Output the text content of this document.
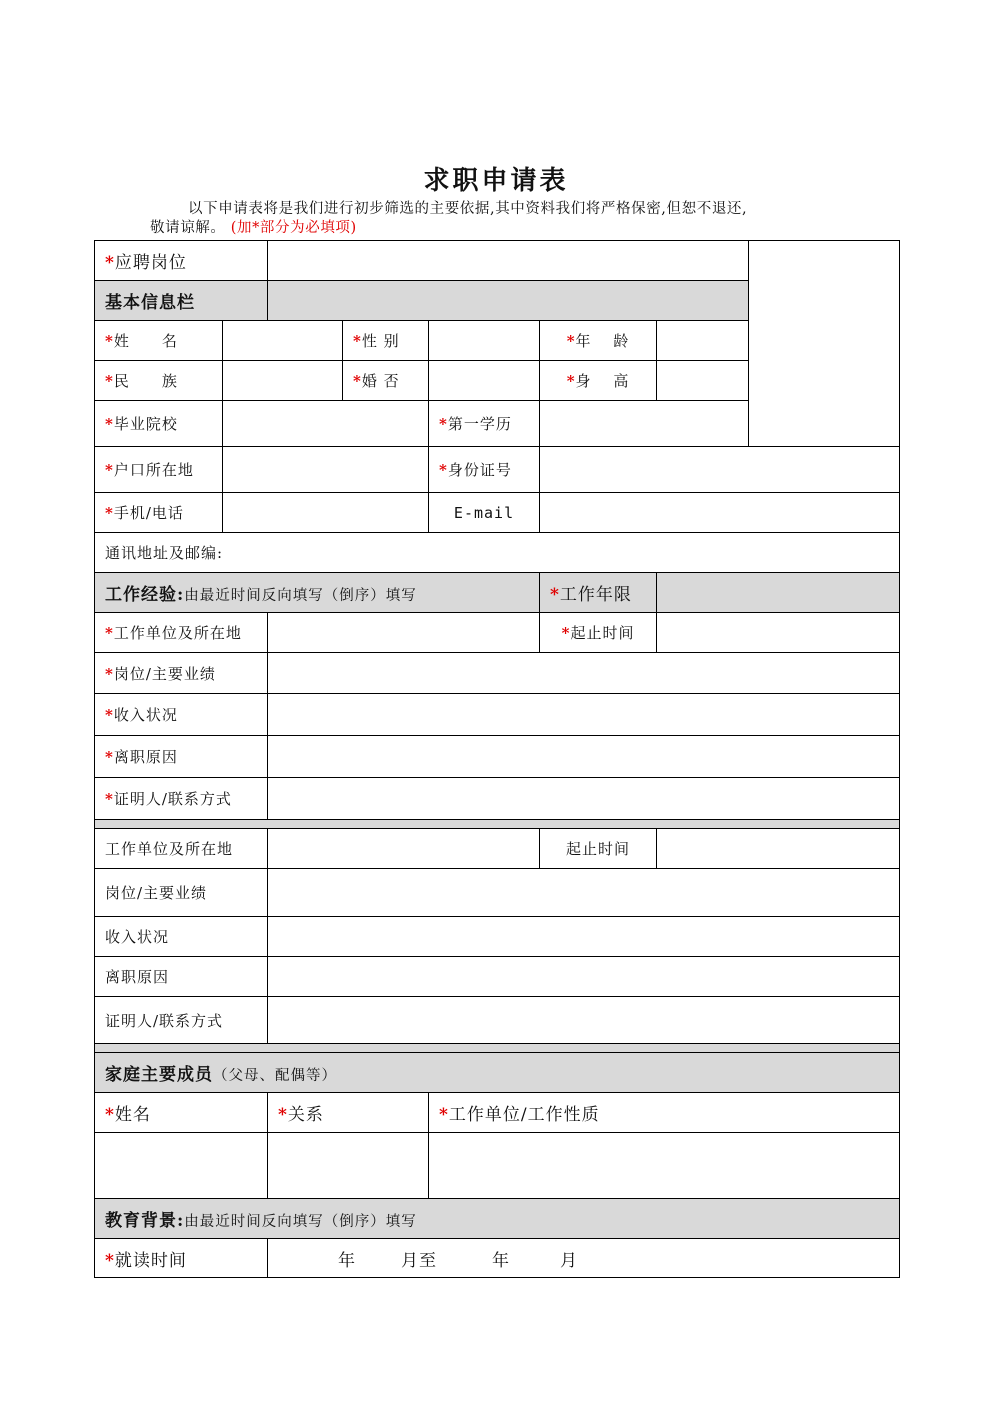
求职申请表
以下申请表将是我们进行初步筛选的主要依据,其中资料我们将严格保密,但恕不退还,
敬请谅解。 (加*部分为必填项)
*应聘岗位							
基本信息栏							
*姓　　名			*性 别		*年　 龄		
*民　　族			*婚 否		*身　 高		
*毕业院校				*第一学历			
*户口所在地				*身份证号			
*手机/电话				E-mail			
通讯地址及邮编:							
工作经验:由最近时间反向填写（倒序）填写					*工作年限		
*工作单位及所在地					*起止时间		
*岗位/主要业绩							
*收入状况							
*离职原因							
*证明人/联系方式							

工作单位及所在地					起止时间		
岗位/主要业绩							
收入状况							
离职原因							
证明人/联系方式							

家庭主要成员（父母、配偶等）							
*姓名		*关系		*工作单位/工作性质			

教育背景:由最近时间反向填写（倒序）填写							
*就读时间		年 月至 年 月					
